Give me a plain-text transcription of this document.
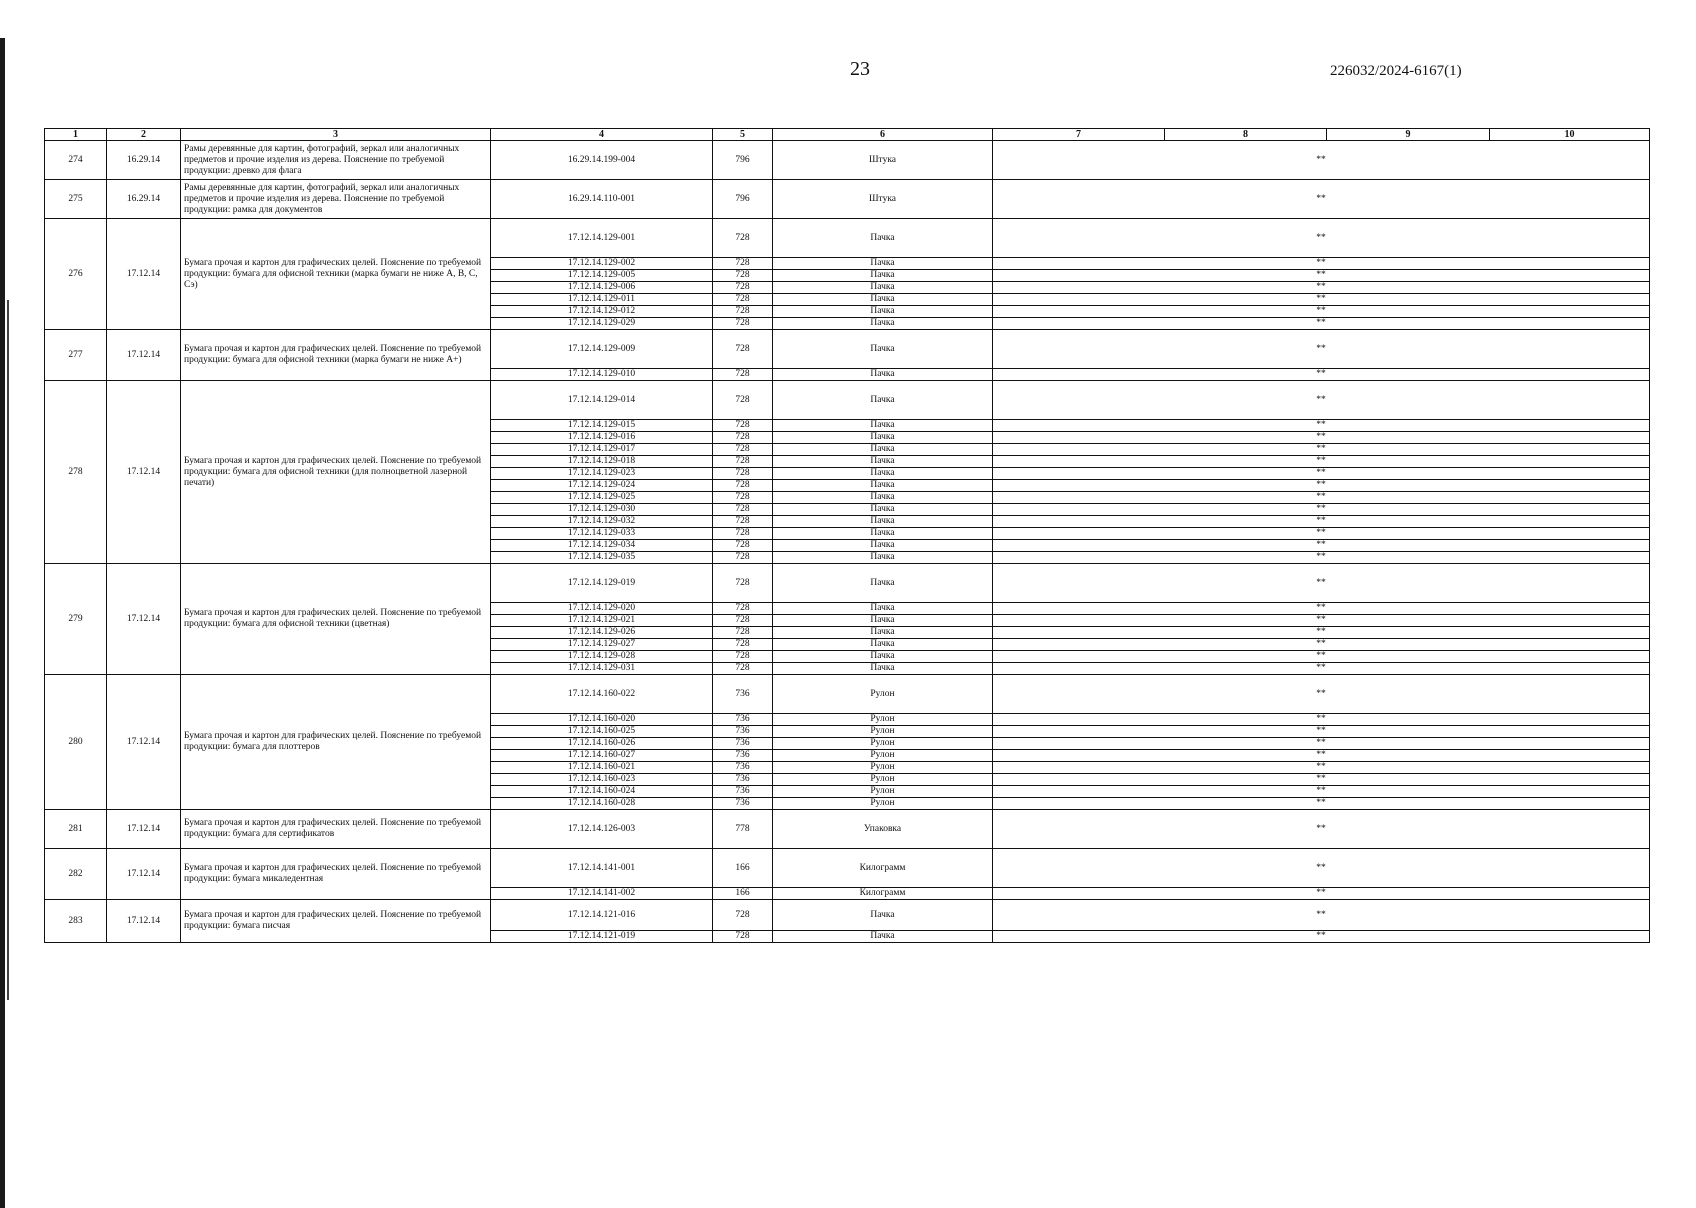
23	226032/2024-6167(1)
1	2	3	4	5	6	7	8	9	10
274	16.29.14	Рамы деревянные для картин, фотографий, зеркал или аналогичных предметов и прочие изделия из дерева. Пояснение по требуемой продукции: древко для флага	16.29.14.199-004	796	Штука	**			
275	16.29.14	Рамы деревянные для картин, фотографий, зеркал или аналогичных предметов и прочие изделия из дерева. Пояснение по требуемой продукции: рамка для документов	16.29.14.110-001	796	Штука	**			
276	17.12.14	Бумага прочая и картон для графических целей. Пояснение по требуемой продукции: бумага для офисной техники (марка бумаги не ниже А, В, С, Сэ)	17.12.14.129-001	728	Пачка	**			
			17.12.14.129-002	728	Пачка	**			
			17.12.14.129-005	728	Пачка	**			
			17.12.14.129-006	728	Пачка	**			
			17.12.14.129-011	728	Пачка	**			
			17.12.14.129-012	728	Пачка	**			
			17.12.14.129-029	728	Пачка	**			
277	17.12.14	Бумага прочая и картон для графических целей. Пояснение по требуемой продукции: бумага для офисной техники (марка бумаги не ниже А+)	17.12.14.129-009	728	Пачка	**			
			17.12.14.129-010	728	Пачка	**			
278	17.12.14	Бумага прочая и картон для графических целей. Пояснение по требуемой продукции: бумага для офисной техники (для полноцветной лазерной печати)	17.12.14.129-014	728	Пачка	**			
			17.12.14.129-015	728	Пачка	**			
			17.12.14.129-016	728	Пачка	**			
			17.12.14.129-017	728	Пачка	**			
			17.12.14.129-018	728	Пачка	**			
			17.12.14.129-023	728	Пачка	**			
			17.12.14.129-024	728	Пачка	**			
			17.12.14.129-025	728	Пачка	**			
			17.12.14.129-030	728	Пачка	**			
			17.12.14.129-032	728	Пачка	**			
			17.12.14.129-033	728	Пачка	**			
			17.12.14.129-034	728	Пачка	**			
			17.12.14.129-035	728	Пачка	**			
279	17.12.14	Бумага прочая и картон для графических целей. Пояснение по требуемой продукции: бумага для офисной техники (цветная)	17.12.14.129-019	728	Пачка	**			
			17.12.14.129-020	728	Пачка	**			
			17.12.14.129-021	728	Пачка	**			
			17.12.14.129-026	728	Пачка	**			
			17.12.14.129-027	728	Пачка	**			
			17.12.14.129-028	728	Пачка	**			
			17.12.14.129-031	728	Пачка	**			
280	17.12.14	Бумага прочая и картон для графических целей. Пояснение по требуемой продукции: бумага для плоттеров	17.12.14.160-022	736	Рулон	**			
			17.12.14.160-020	736	Рулон	**			
			17.12.14.160-025	736	Рулон	**			
			17.12.14.160-026	736	Рулон	**			
			17.12.14.160-027	736	Рулон	**			
			17.12.14.160-021	736	Рулон	**			
			17.12.14.160-023	736	Рулон	**			
			17.12.14.160-024	736	Рулон	**			
			17.12.14.160-028	736	Рулон	**			
281	17.12.14	Бумага прочая и картон для графических целей. Пояснение по требуемой продукции: бумага для сертификатов	17.12.14.126-003	778	Упаковка	**			
282	17.12.14	Бумага прочая и картон для графических целей. Пояснение по требуемой продукции: бумага микаледентная	17.12.14.141-001	166	Килограмм	**			
			17.12.14.141-002	166	Килограмм	**			
283	17.12.14	Бумага прочая и картон для графических целей. Пояснение по требуемой продукции: бумага писчая	17.12.14.121-016	728	Пачка	**			
			17.12.14.121-019	728	Пачка	**			
